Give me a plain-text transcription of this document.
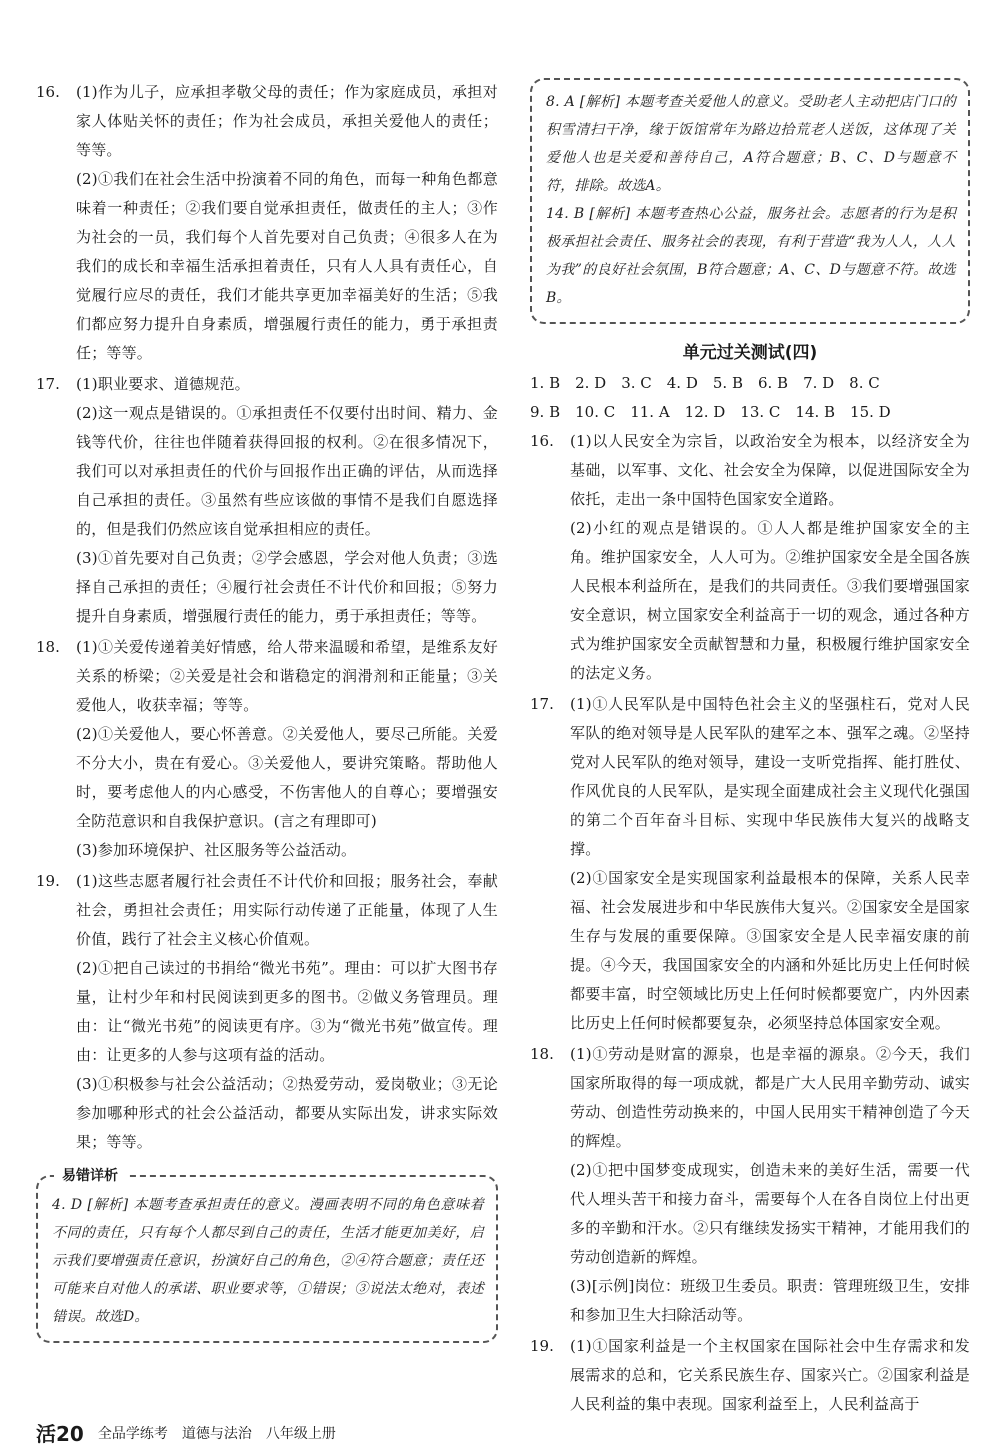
16.	(1)作为儿子，应承担孝敬父母的责任；作为家庭成员，承担对家人体贴关怀的责任；作为社会成员，承担关爱他人的责任；等等。

(2)①我们在社会生活中扮演着不同的角色，而每一种角色都意味着一种责任；②我们要自觉承担责任，做责任的主人；③作为社会的一员，我们每个人首先要对自己负责；④很多人在为我们的成长和幸福生活承担着责任，只有人人具有责任心，自觉履行应尽的责任，我们才能共享更加幸福美好的生活；⑤我们都应努力提升自身素质，增强履行责任的能力，勇于承担责任；等等。

17.	(1)职业要求、道德规范。

(2)这一观点是错误的。①承担责任不仅要付出时间、精力、金钱等代价，往往也伴随着获得回报的权利。②在很多情况下，我们可以对承担责任的代价与回报作出正确的评估，从而选择自己承担的责任。③虽然有些应该做的事情不是我们自愿选择的，但是我们仍然应该自觉承担相应的责任。

(3)①首先要对自己负责；②学会感恩，学会对他人负责；③选择自己承担的责任；④履行社会责任不计代价和回报；⑤努力提升自身素质，增强履行责任的能力，勇于承担责任；等等。

18.	(1)①关爱传递着美好情感，给人带来温暖和希望，是维系友好关系的桥梁；②关爱是社会和谐稳定的润滑剂和正能量；③关爱他人，收获幸福；等等。

(2)①关爱他人，要心怀善意。②关爱他人，要尽己所能。关爱不分大小，贵在有爱心。③关爱他人，要讲究策略。帮助他人时，要考虑他人的内心感受，不伤害他人的自尊心；要增强安全防范意识和自我保护意识。(言之有理即可)

(3)参加环境保护、社区服务等公益活动。

19.	(1)这些志愿者履行社会责任不计代价和回报；服务社会，奉献社会，勇担社会责任；用实际行动传递了正能量，体现了人生价值，践行了社会主义核心价值观。

(2)①把自己读过的书捐给“微光书苑”。理由：可以扩大图书存量，让村少年和村民阅读到更多的图书。②做义务管理员。理由：让“微光书苑”的阅读更有序。③为“微光书苑”做宣传。理由：让更多的人参与这项有益的活动。

(3)①积极参与社会公益活动；②热爱劳动，爱岗敬业；③无论参加哪种形式的社会公益活动，都要从实际出发，讲求实际效果；等等。

易错详析

4. D [解析] 本题考查承担责任的意义。漫画表明不同的角色意味着不同的责任，只有每个人都尽到自己的责任，生活才能更加美好，启示我们要增强责任意识，扮演好自己的角色，②④符合题意；责任还可能来自对他人的承诺、职业要求等，①错误；③说法太绝对，表述错误。故选D。

8. A [解析] 本题考查关爱他人的意义。受助老人主动把店门口的积雪清扫干净，缘于饭馆常年为路边拾荒老人送饭，这体现了关爱他人也是关爱和善待自己，A符合题意；B、C、D与题意不符，排除。故选A。

14. B [解析] 本题考查热心公益，服务社会。志愿者的行为是积极承担社会责任、服务社会的表现，有利于营造“我为人人，人人为我”的良好社会氛围，B符合题意；A、C、D与题意不符。故选B。

单元过关测试(四)
1. B　2. D　3. C　4. D　5. B　6. B　7. D　8. C
9. B　10. C　11. A　12. D　13. C　14. B　15. D
16.	(1)以人民安全为宗旨，以政治安全为根本，以经济安全为基础，以军事、文化、社会安全为保障，以促进国际安全为依托，走出一条中国特色国家安全道路。

(2)小红的观点是错误的。①人人都是维护国家安全的主角。维护国家安全，人人可为。②维护国家安全是全国各族人民根本利益所在，是我们的共同责任。③我们要增强国家安全意识，树立国家安全利益高于一切的观念，通过各种方式为维护国家安全贡献智慧和力量，积极履行维护国家安全的法定义务。

17.	(1)①人民军队是中国特色社会主义的坚强柱石，党对人民军队的绝对领导是人民军队的建军之本、强军之魂。②坚持党对人民军队的绝对领导，建设一支听党指挥、能打胜仗、作风优良的人民军队，是实现全面建成社会主义现代化强国的第二个百年奋斗目标、实现中华民族伟大复兴的战略支撑。

(2)①国家安全是实现国家利益最根本的保障，关系人民幸福、社会发展进步和中华民族伟大复兴。②国家安全是国家生存与发展的重要保障。③国家安全是人民幸福安康的前提。④今天，我国国家安全的内涵和外延比历史上任何时候都要丰富，时空领域比历史上任何时候都要宽广，内外因素比历史上任何时候都要复杂，必须坚持总体国家安全观。

18.	(1)①劳动是财富的源泉，也是幸福的源泉。②今天，我们国家所取得的每一项成就，都是广大人民用辛勤劳动、诚实劳动、创造性劳动换来的，中国人民用实干精神创造了今天的辉煌。

(2)①把中国梦变成现实，创造未来的美好生活，需要一代代人埋头苦干和接力奋斗，需要每个人在各自岗位上付出更多的辛勤和汗水。②只有继续发扬实干精神，才能用我们的劳动创造新的辉煌。

(3)[示例]岗位：班级卫生委员。职责：管理班级卫生，安排和参加卫生大扫除活动等。

19.	(1)①国家利益是一个主权国家在国际社会中生存需求和发展需求的总和，它关系民族生存、国家兴亡。②国家利益是人民利益的集中表现。国家利益至上，人民利益高于

活20 全品学练考 道德与法治 八年级上册
